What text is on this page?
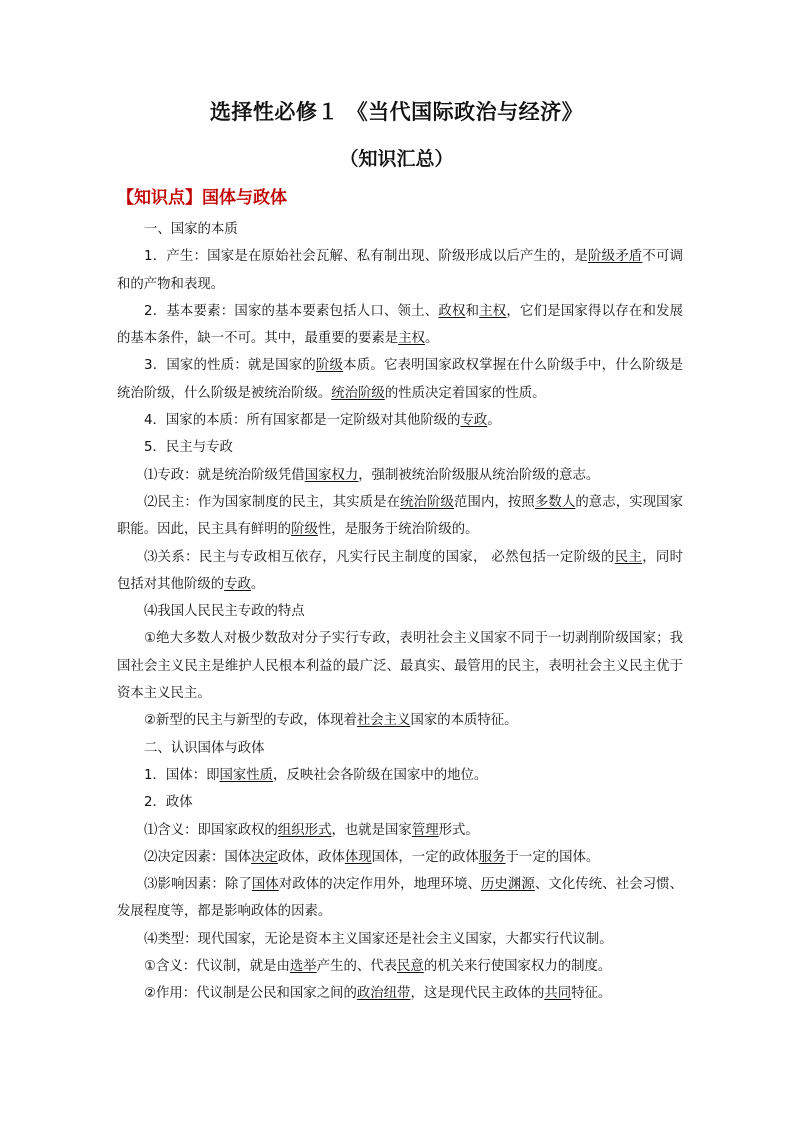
选择性必修１ 《当代国际政治与经济》
（知识汇总）
【知识点】国体与政体

一、国家的本质

1．产生：国家是在原始社会瓦解、私有制出现、阶级形成以后产生的，是阶级矛盾不可调和的产物和表现。

2．基本要素：国家的基本要素包括人口、领土、政权和主权，它们是国家得以存在和发展的基本条件，缺一不可。其中，最重要的要素是主权。

3．国家的性质：就是国家的阶级本质。它表明国家政权掌握在什么阶级手中，什么阶级是统治阶级，什么阶级是被统治阶级。统治阶级的性质决定着国家的性质。

4．国家的本质：所有国家都是一定阶级对其他阶级的专政。

5．民主与专政

⑴专政：就是统治阶级凭借国家权力，强制被统治阶级服从统治阶级的意志。

⑵民主：作为国家制度的民主，其实质是在统治阶级范围内，按照多数人的意志，实现国家职能。因此，民主具有鲜明的阶级性，是服务于统治阶级的。

⑶关系：民主与专政相互依存，凡实行民主制度的国家， 必然包括一定阶级的民主，同时包括对其他阶级的专政。

⑷我国人民民主专政的特点

①绝大多数人对极少数敌对分子实行专政，表明社会主义国家不同于一切剥削阶级国家；我国社会主义民主是维护人民根本利益的最广泛、最真实、最管用的民主，表明社会主义民主优于资本主义民主。

②新型的民主与新型的专政，体现着社会主义国家的本质特征。

二、认识国体与政体

1．国体：即国家性质，反映社会各阶级在国家中的地位。

2．政体

⑴含义：即国家政权的组织形式，也就是国家管理形式。

⑵决定因素：国体决定政体，政体体现国体，一定的政体服务于一定的国体。

⑶影响因素：除了国体对政体的决定作用外，地理环境、历史渊源、文化传统、社会习惯、发展程度等，都是影响政体的因素。

⑷类型：现代国家，无论是资本主义国家还是社会主义国家，大都实行代议制。

①含义：代议制，就是由选举产生的、代表民意的机关来行使国家权力的制度。

②作用：代议制是公民和国家之间的政治纽带，这是现代民主政体的共同特征。
